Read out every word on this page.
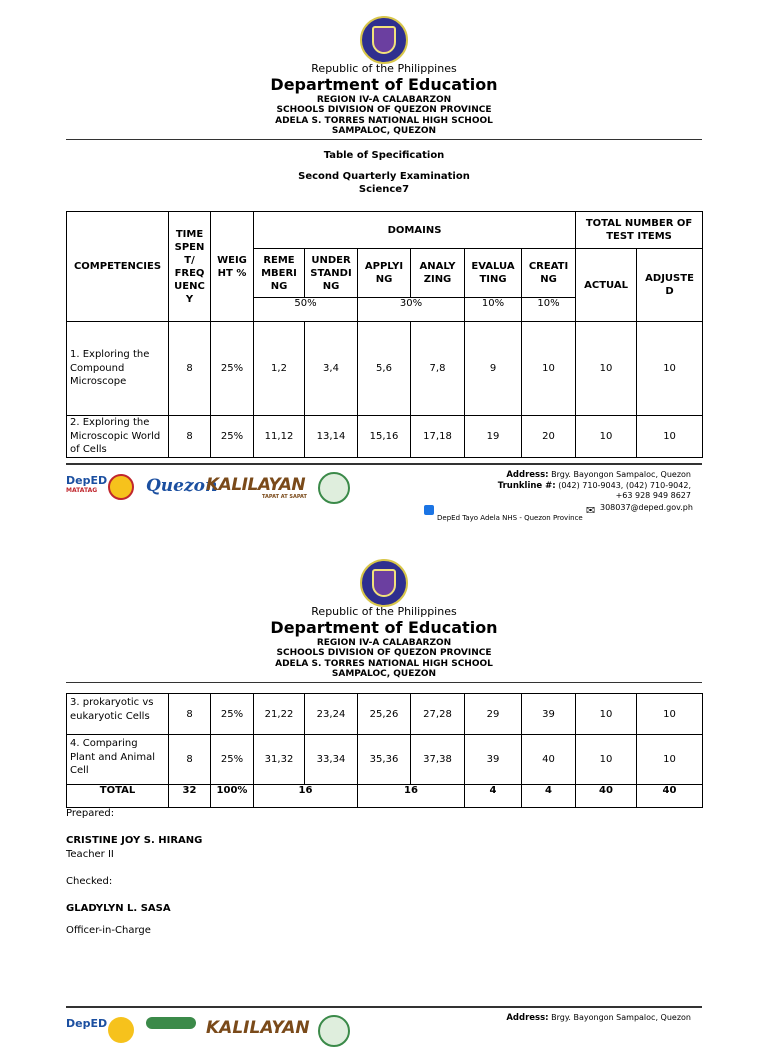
Republic of the Philippines
Department of Education
REGION IV-A CALABARZON
SCHOOLS DIVISION OF QUEZON PROVINCE
ADELA S. TORRES NATIONAL HIGH SCHOOL
SAMPALOC, QUEZON
Table of Specification
Second Quarterly Examination
Science7
COMPETENCIES	TIME SPEN T/ FREQ UENC Y	WEIG HT %	DOMAINS						TOTAL NUMBER OF TEST ITEMS	
			REME MBERI NG	UNDER STANDI NG	APPLYI NG	ANALY ZING	EVALUA TING	CREATI NG	ACTUAL	ADJUSTE D
			50%		30%		10%	10%		
1. Exploring the Compound Microscope	8	25%	1,2	3,4	5,6	7,8	9	10	10	10
2. Exploring the Microscopic World of Cells	8	25%	11,12	13,14	15,16	17,18	19	20	10	10
DepED
MATATAG	Quezon
KALILAYAN
TAPAT AT SAPAT
Address: Brgy. Bayongon Sampaloc, Quezon
Trunkline #: (042) 710-9043, (042) 710-9042,
+63 928 949 8627
DepEd Tayo Adela NHS - Quezon Province
✉ 308037@deped.gov.ph
Republic of the Philippines
Department of Education
REGION IV-A CALABARZON
SCHOOLS DIVISION OF QUEZON PROVINCE
ADELA S. TORRES NATIONAL HIGH SCHOOL
SAMPALOC, QUEZON
3. prokaryotic vs eukaryotic Cells	8	25%	21,22	23,24	25,26	27,28	29	39	10	10
4. Comparing Plant and Animal Cell	8	25%	31,32	33,34	35,36	37,38	39	40	10	10
TOTAL	32	100%	16		16		4	4	40	40
Prepared:
CRISTINE JOY S. HIRANG
Teacher II
Checked:
GLADYLYN L. SASA
Officer-in-Charge
DepED	KALILAYAN	Address: Brgy. Bayongon Sampaloc, Quezon
